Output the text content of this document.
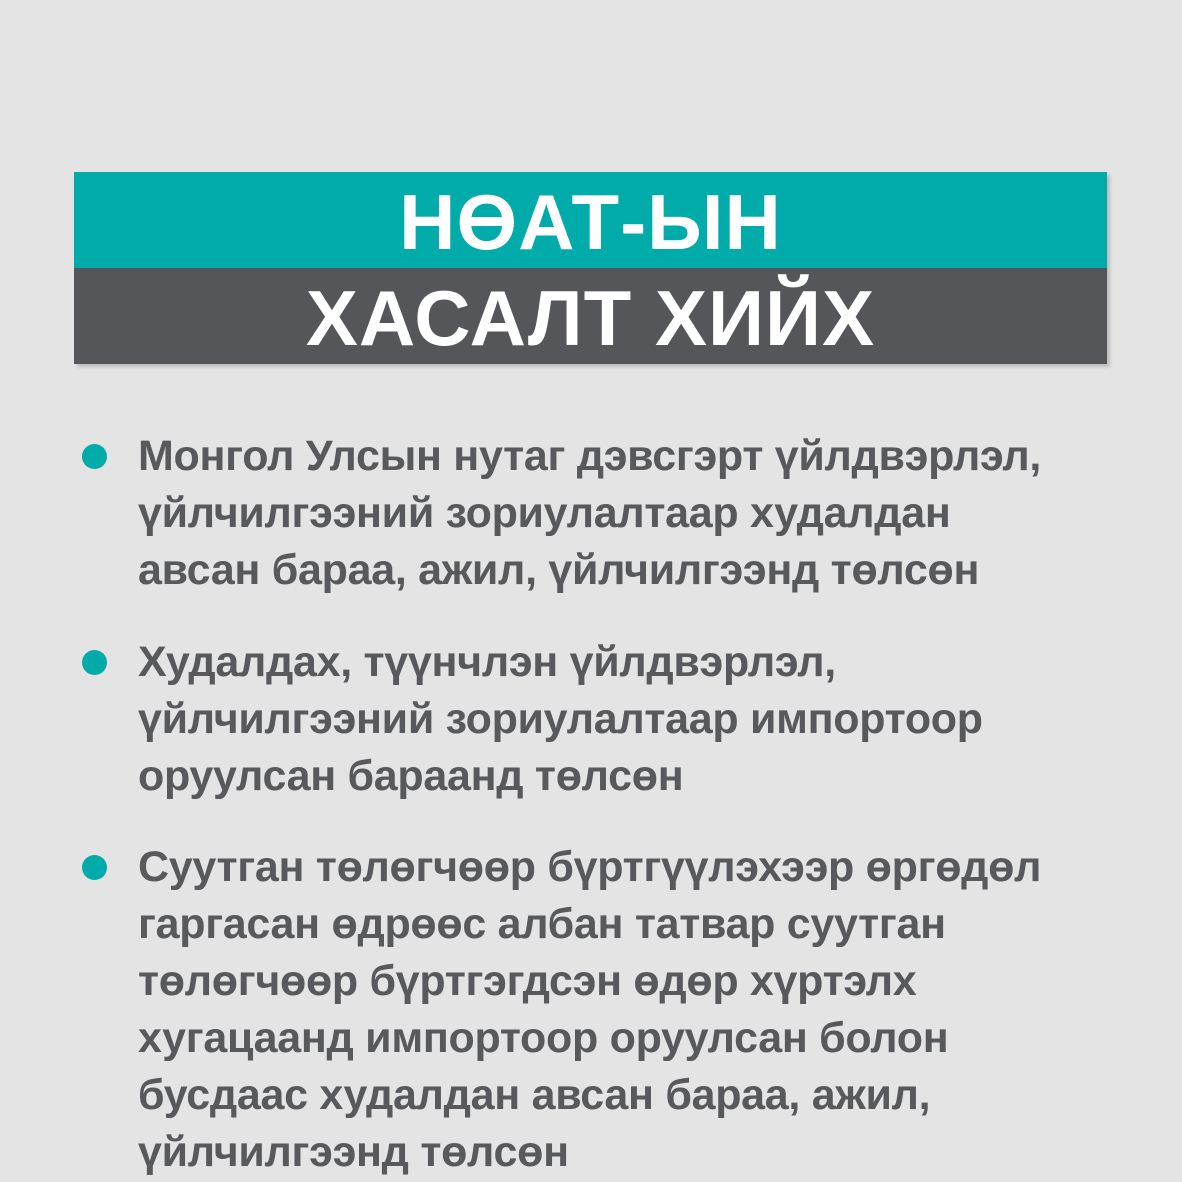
НӨАТ-ЫН
ХАСАЛТ ХИЙХ
Монгол Улсын нутаг дэвсгэрт үйлдвэрлэл,
үйлчилгээний зориулалтаар худалдан
авсан бараа, ажил, үйлчилгээнд төлсөн
Худалдах, түүнчлэн үйлдвэрлэл,
үйлчилгээний зориулалтаар импортоор
оруулсан бараанд төлсөн
Суутган төлөгчөөр бүртгүүлэхээр өргөдөл
гаргасан өдрөөс албан татвар суутган
төлөгчөөр бүртгэгдсэн өдөр хүртэлх
хугацаанд импортоор оруулсан болон
бусдаас худалдан авсан бараа, ажил,
үйлчилгээнд төлсөн
